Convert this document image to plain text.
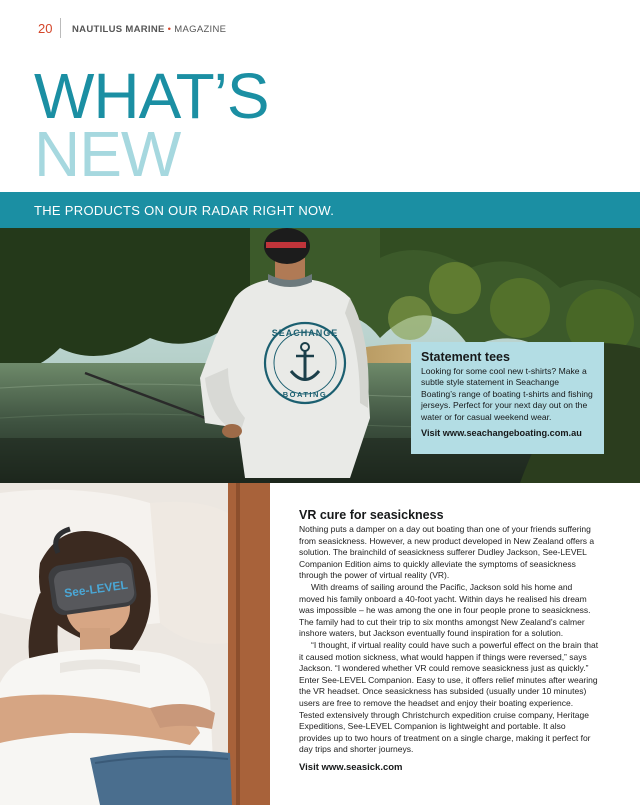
20 NAUTILUS MARINE • MAGAZINE
WHAT’S
NEW
THE PRODUCTS ON OUR RADAR RIGHT NOW.
SEACHANGE
BOATING
Statement tees
Looking for some cool new t-shirts? Make a subtle style statement in Seachange Boating’s range of boating t-shirts and fishing jerseys. Perfect for your next day out on the water or for casual weekend wear.
Visit www.seachangeboating.com.au
See-LEVEL
VR cure for seasickness

Nothing puts a damper on a day out boating than one of your friends suffering from seasickness. However, a new product developed in New Zealand offers a solution. The brainchild of seasickness sufferer Dudley Jackson, See-LEVEL Companion Edition aims to quickly alleviate the symptoms of seasickness through the power of virtual reality (VR).

With dreams of sailing around the Pacific, Jackson sold his home and moved his family onboard a 40-foot yacht. Within days he realised his dream was impossible – he was among the one in four people prone to seasickness. The family had to cut their trip to six months amongst New Zealand’s calmer inshore waters, but Jackson eventually found inspiration for a solution.

“I thought, if virtual reality could have such a powerful effect on the brain that it caused motion sickness, what would happen if things were reversed,” says Jackson. “I wondered whether VR could remove seasickness just as quickly.” Enter See-LEVEL Companion. Easy to use, it offers relief minutes after wearing the VR headset. Once seasickness has subsided (usually under 10 minutes) users are free to remove the headset and enjoy their boating experience. Tested extensively through Christchurch expedition cruise company, Heritage Expeditions, See-LEVEL Companion is lightweight and portable. It also provides up to two hours of treatment on a single charge, making it perfect for day trips and shorter journeys.

Visit www.seasick.com
